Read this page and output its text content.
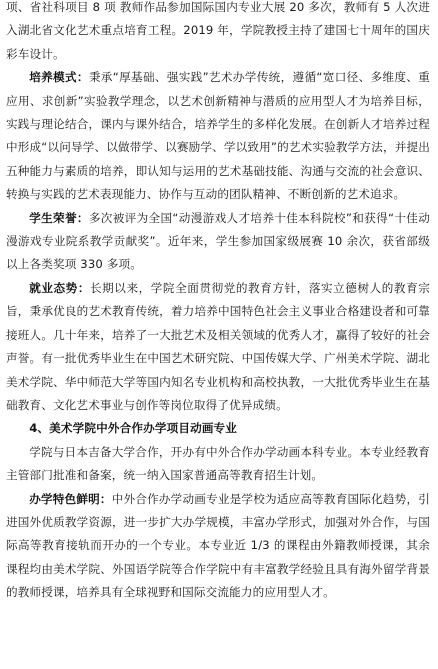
项、省社科项目 8 项 教师作品参加国际国内专业大展 20 多次，教师有 5 人次进入湖北省文化艺术重点培育工程。2019 年，学院教授主持了建国七十周年的国庆彩车设计。

培养模式：秉承“厚基础、强实践”艺术办学传统，遵循“宽口径、多维度、重应用、求创新”实验教学理念，以艺术创新精神与潜质的应用型人才为培养目标，实践与理论结合，课内与课外结合，培养学生的多样化发展。在创新人才培养过程中形成“以问导学、以做带学、以赛励学、学以致用”的艺术实验教学方法，并提出五种能力与素质的培养，即认知与运用的艺术基础技能、沟通与交流的社会意识、转换与实践的艺术表现能力、协作与互动的团队精神、不断创新的艺术追求。

学生荣誉：多次被评为全国“动漫游戏人才培养十佳本科院校”和获得“十佳动漫游戏专业院系教学贡献奖”。近年来，学生参加国家级展赛 10 余次，获省部级以上各类奖项 330 多项。

就业态势：长期以来，学院全面贯彻党的教育方针，落实立德树人的教育宗旨，秉承优良的艺术教育传统，着力培养中国特色社会主义事业合格建设者和可靠接班人。几十年来，培养了一大批艺术及相关领域的优秀人才，赢得了较好的社会声誉。有一批优秀毕业生在中国艺术研究院、中国传媒大学、广州美术学院、湖北美术学院、华中师范大学等国内知名专业机构和高校执教，一大批优秀毕业生在基础教育、文化艺术事业与创作等岗位取得了优异成绩。

4、美术学院中外合作办学项目动画专业

学院与日本吉备大学合作，开办有中外合作办学动画本科专业。本专业经教育主管部门批准和备案，统一纳入国家普通高等教育招生计划。

办学特色鲜明：中外合作办学动画专业是学校为适应高等教育国际化趋势，引进国外优质教学资源，进一步扩大办学规模，丰富办学形式，加强对外合作，与国际高等教育接轨而开办的一个专业。本专业近 1/3 的课程由外籍教师授课，其余课程均由美术学院、外国语学院等合作学院中有丰富教学经验且具有海外留学背景的教师授课，培养具有全球视野和国际交流能力的应用型人才。
